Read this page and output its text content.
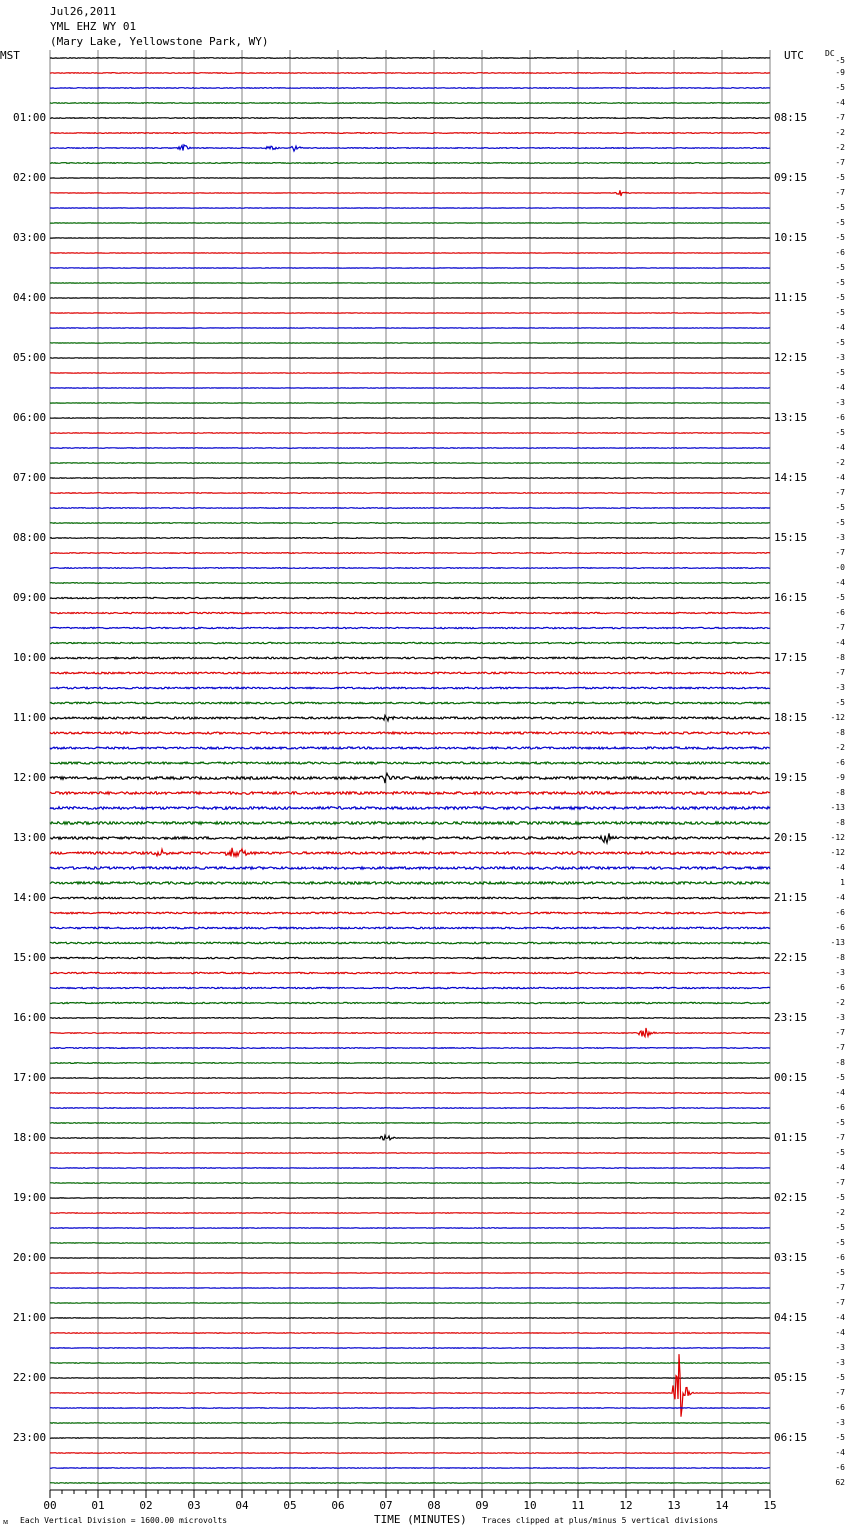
Jul26,2011
YML EHZ WY 01
(Mary Lake, Yellowstone Park, WY)
MST	UTC	DC
00	01	02	03	04	05	06	07	08	09	10	11	12	13	14	15
01:00
02:00
03:00
04:00
05:00
06:00
07:00
08:00
09:00
10:00
11:00
12:00
13:00
14:00
15:00
16:00
17:00
18:00
19:00
20:00
21:00
22:00
23:00
08:15
09:15
10:15
11:15
12:15
13:15
14:15
15:15
16:15
17:15
18:15
19:15
20:15
21:15
22:15
23:15
00:15
01:15
02:15
03:15
04:15
05:15
06:15
-5
-9
-5
-4
-7
-2
-2
-7
-5
-7
-5
-5
-5
-6
-5
-5
-5
-5
-4
-5
-3
-5
-4
-3
-6
-5
-4
-2
-4
-7
-5
-5
-3
-7
-0
-4
-5
-6
-7
-4
-8
-7
-3
-5
-12
-8
-2
-6
-9
-8
-13
-8
-12
-12
-4
1
-4
-6
-6
-13
-8
-3
-6
-2
-3
-7
-7
-8
-5
-4
-6
-5
-7
-5
-4
-7
-5
-2
-5
-5
-6
-5
-7
-7
-4
-4
-3
-3
-5
-7
-6
-3
-5
-4
-6
62
ᴍ Each Vertical Division = 1600.00 microvolts	TIME (MINUTES) Traces clipped at plus/minus 5 vertical divisions
